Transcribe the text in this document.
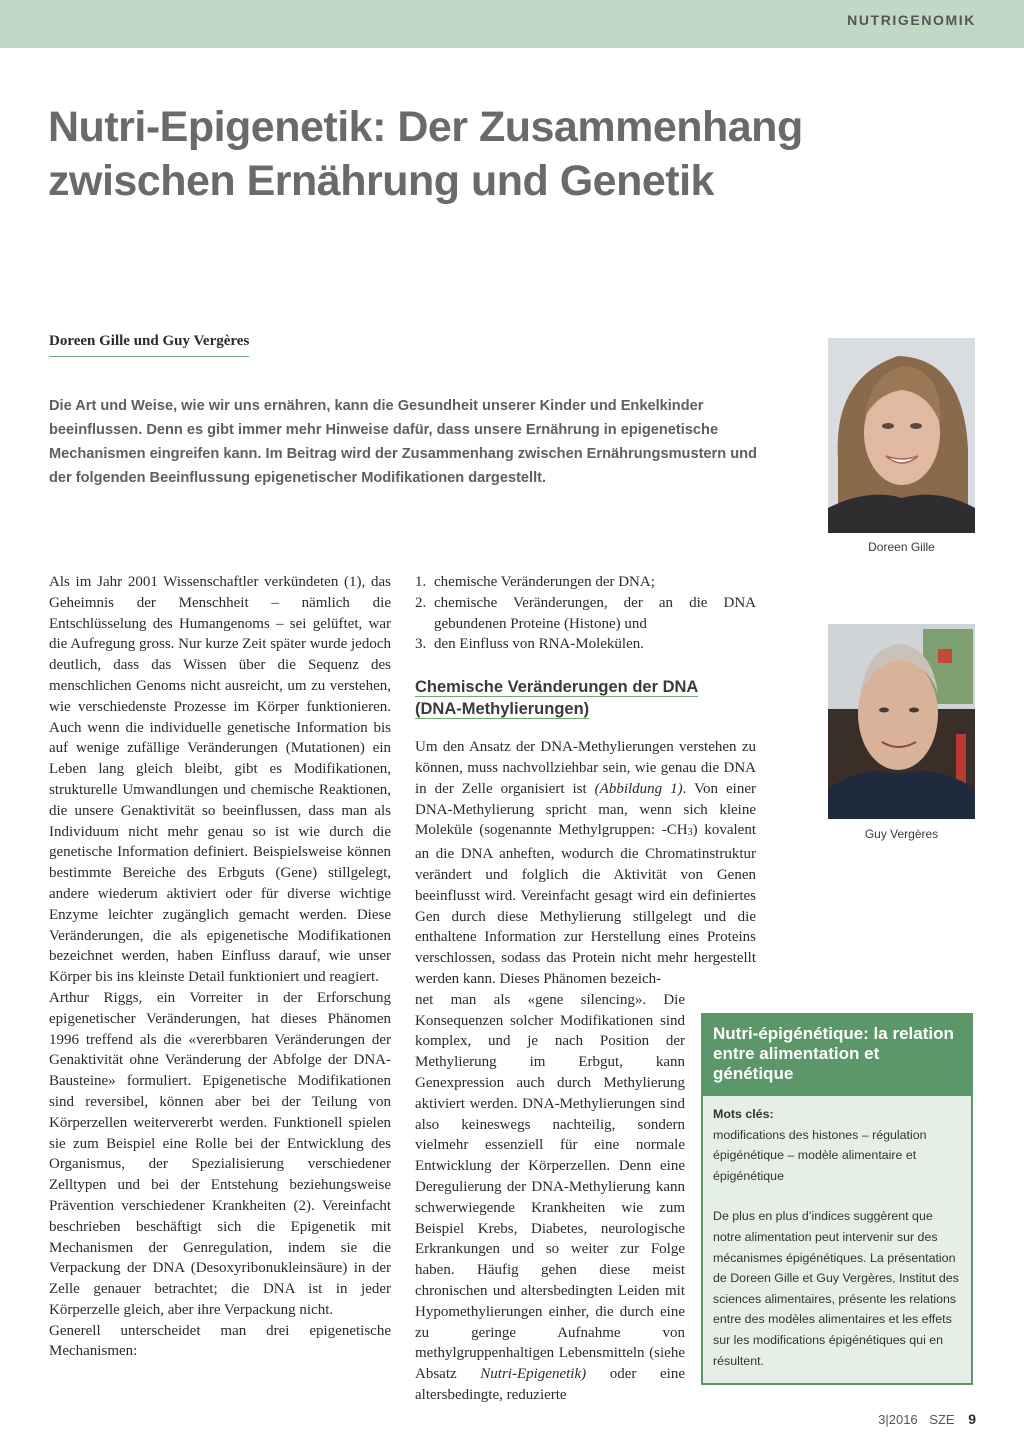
NUTRIGENOMIK
Nutri-Epigenetik: Der Zusammenhang zwischen Ernährung und Genetik
Doreen Gille und Guy Vergères

Die Art und Weise, wie wir uns ernähren, kann die Gesundheit unserer Kinder und Enkelkinder beeinflussen. Denn es gibt immer mehr Hinweise dafür, dass unsere Ernährung in epigenetische Mechanismen eingreifen kann. Im Beitrag wird der Zusammenhang zwischen Ernährungsmustern und der folgenden Beeinflussung epigenetischer Modifikationen dargestellt.

Doreen Gille
Guy Vergères

Als im Jahr 2001 Wissenschaftler verkündeten (1), das Geheimnis der Menschheit – nämlich die Entschlüsselung des Humangenoms – sei gelüftet, war die Aufregung gross. Nur kurze Zeit später wurde jedoch deutlich, dass das Wissen über die Sequenz des menschlichen Genoms nicht ausreicht, um zu verstehen, wie verschiedenste Prozesse im Körper funktionieren. Auch wenn die individuelle genetische Information bis auf wenige zufällige Veränderungen (Mutationen) ein Leben lang gleich bleibt, gibt es Modifikationen, strukturelle Umwandlungen und chemische Reaktionen, die unsere Genaktivität so beeinflussen, dass man als Individuum nicht mehr genau so ist wie durch die genetische Information definiert. Beispielsweise können bestimmte Bereiche des Erbguts (Gene) stillgelegt, andere wiederum aktiviert oder für diverse wichtige Enzyme leichter zugänglich gemacht werden. Diese Veränderungen, die als epigenetische Modifikationen bezeichnet werden, haben Einfluss darauf, wie unser Körper bis ins kleinste Detail funktioniert und reagiert.

Arthur Riggs, ein Vorreiter in der Erforschung epigenetischer Veränderungen, hat dieses Phänomen 1996 treffend als die «vererbbaren Veränderungen der Genaktivität ohne Veränderung der Abfolge der DNA-Bausteine» formuliert. Epigenetische Modifikationen sind reversibel, können aber bei der Teilung von Körperzellen weitervererbt werden. Funktionell spielen sie zum Beispiel eine Rolle bei der Entwicklung des Organismus, der Spezialisierung verschiedener Zelltypen und bei der Entstehung beziehungsweise Prävention verschiedener Krankheiten (2). Vereinfacht beschrieben beschäftigt sich die Epigenetik mit Mechanismen der Genregulation, indem sie die Verpackung der DNA (Desoxyribonukleinsäure) in der Zelle genauer betrachtet; die DNA ist in jeder Körperzelle gleich, aber ihre Verpackung nicht.

Generell unterscheidet man drei epigenetische Mechanismen:

1. chemische Veränderungen der DNA;
2. chemische Veränderungen, der an die DNA gebundenen Proteine (Histone) und
3. den Einfluss von RNA-Molekülen.
Chemische Veränderungen der DNA
(DNA-Methylierungen)

Um den Ansatz der DNA-Methylierungen verstehen zu können, muss nachvollziehbar sein, wie genau die DNA in der Zelle organisiert ist (Abbildung 1). Von einer DNA-Methylierung spricht man, wenn sich kleine Moleküle (sogenannte Methylgruppen: -CH3) kovalent an die DNA anheften, wodurch die Chromatinstruktur verändert und folglich die Aktivität von Genen beeinflusst wird. Vereinfacht gesagt wird ein definiertes Gen durch diese Methylierung stillgelegt und die enthaltene Information zur Herstellung eines Proteins verschlossen, sodass das Protein nicht mehr hergestellt werden kann. Dieses Phänomen bezeich-

net man als «gene silencing». Die Konsequenzen solcher Modifikationen sind komplex, und je nach Position der Methylierung im Erbgut, kann Genexpression auch durch Methylierung aktiviert werden. DNA-Methylierungen sind also keineswegs nachteilig, sondern vielmehr essenziell für eine normale Entwicklung der Körperzellen. Denn eine Deregulierung der DNA-Methylierung kann schwerwiegende Krankheiten wie zum Beispiel Krebs, Diabetes, neurologische Erkrankungen und so weiter zur Folge haben. Häufig gehen diese meist chronischen und altersbedingten Leiden mit Hypomethylierungen einher, die durch eine zu geringe Aufnahme von methylgruppenhaltigen Lebensmitteln (siehe Absatz Nutri-Epigenetik) oder eine altersbedingte, reduzierte

Nutri-épigénétique: la relation entre alimentation et génétique

Mots clés:

modifications des histones – régulation épigénétique – modèle alimentaire et épigénétique

De plus en plus d’indices suggèrent que notre alimentation peut intervenir sur des mécanismes épigénétiques. La présentation de Doreen Gille et Guy Vergères, Institut des sciences alimentaires, présente les relations entre des modèles alimentaires et les effets sur les modifications épigénétiques qui en résultent.

3|2016 SZE 9
